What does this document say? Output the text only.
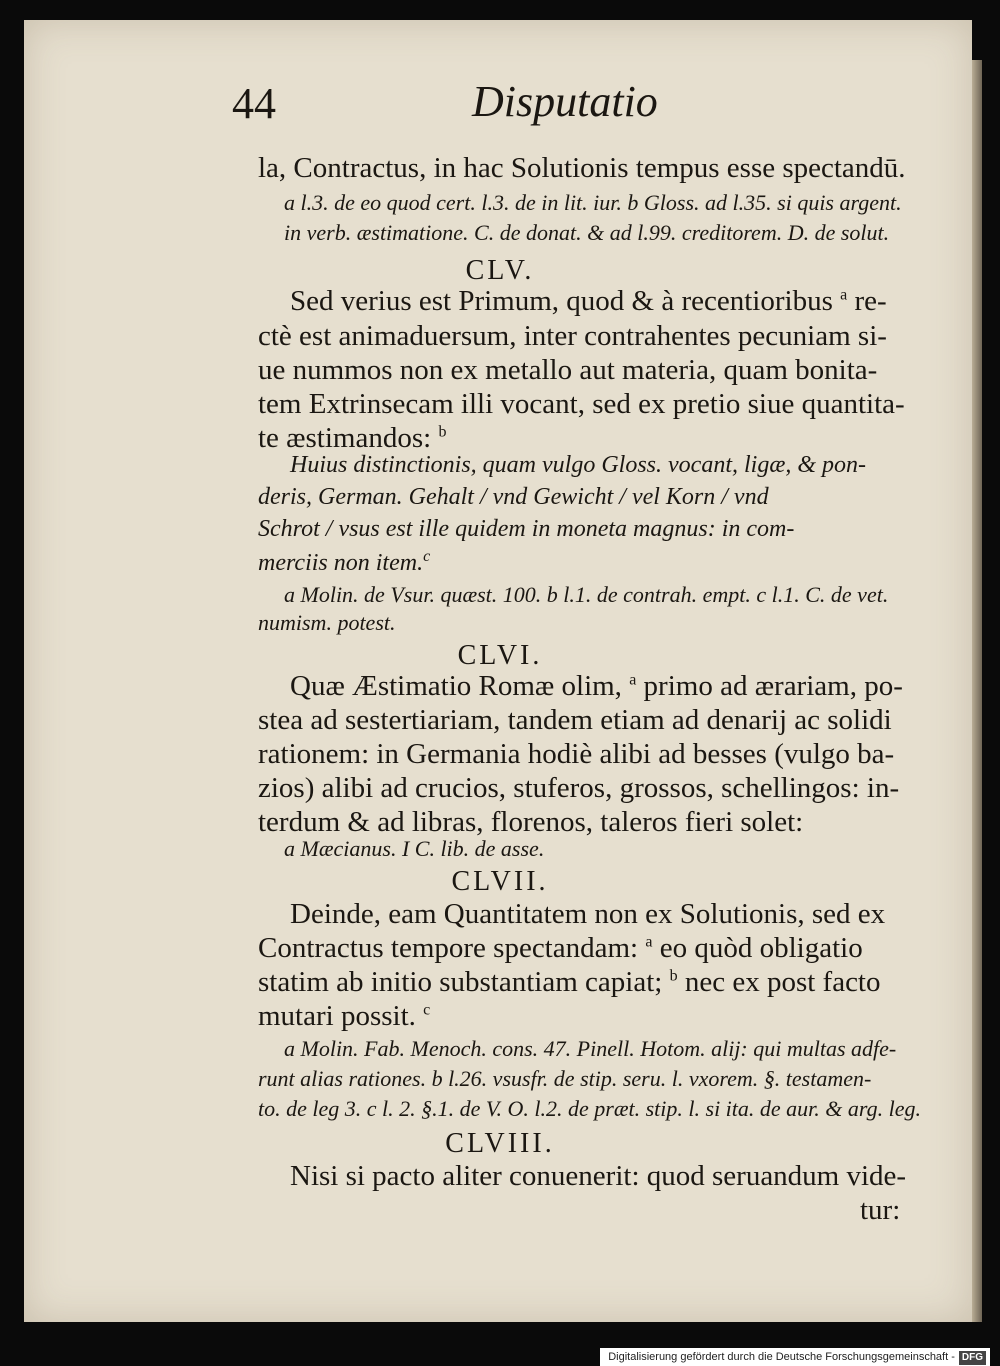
44	Disputatio
la, Contractus, in hac Solutionis tempus esse spectandū.
a l.3. de eo quod cert. l.3. de in lit. iur. b Gloss. ad l.35. si quis argent.
in verb. æstimatione. C. de donat. & ad l.99. creditorem. D. de solut.
CLV.
Sed verius est Primum, quod & à recentioribus $^a$ re-
ctè est animaduersum, inter contrahentes pecuniam si-
ue nummos non ex metallo aut materia, quam bonita-
tem Extrinsecam illi vocant, sed ex pretio siue quantita-
te æstimandos: $^b$
Huius distinctionis, quam vulgo Gloss. vocant, ligæ, & pon-
deris, German. Gehalt / vnd Gewicht / vel Korn / vnd
Schrot / vsus est ille quidem in moneta magnus: in com-
merciis non item.$^c$
a Molin. de Vsur. quæst. 100. b l.1. de contrah. empt. c l.1. C. de vet.
numism. potest.
CLVI.
Quæ Æstimatio Romæ olim, $^a$ primo ad ærariam, po-
stea ad sestertiariam, tandem etiam ad denarij ac solidi
rationem: in Germania hodiè alibi ad besses (vulgo ba-
zios) alibi ad crucios, stuferos, grossos, schellingos: in-
terdum & ad libras, florenos, taleros fieri solet:
a Mæcianus. I C. lib. de asse.
CLVII.
Deinde, eam Quantitatem non ex Solutionis, sed ex
Contractus tempore spectandam: $^a$ eo quòd obligatio
statim ab initio substantiam capiat; $^b$ nec ex post facto
mutari possit. $^c$
a Molin. Fab. Menoch. cons. 47. Pinell. Hotom. alij: qui multas adfe-
runt alias rationes. b l.26. vsusfr. de stip. seru. l. vxorem. §. testamen-
to. de leg 3. c l. 2. §.1. de V. O. l.2. de præt. stip. l. si ita. de aur. & arg. leg.
CLVIII.
Nisi si pacto aliter conuenerit: quod seruandum vide-
tur:
Digitalisierung gefördert durch die Deutsche Forschungsgemeinschaft - DFG
